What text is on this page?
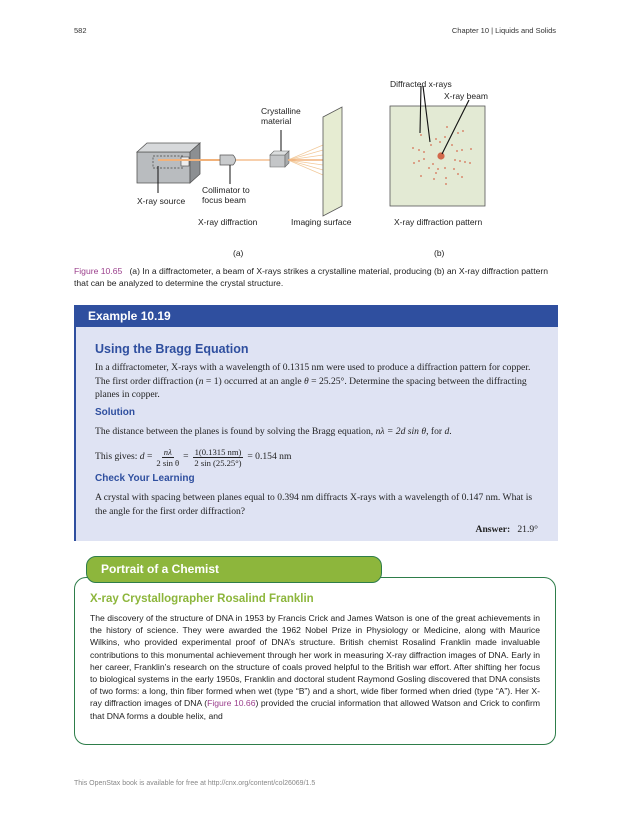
582	Chapter 10 | Liquids and Solids
Crystalline
material
Collimator to
focus beam
X-ray source
X-ray diffraction	Imaging surface
(a)
Diffracted x-rays
X-ray beam
X-ray diffraction pattern
(b)
Figure 10.65 (a) In a diffractometer, a beam of X-rays strikes a crystalline material, producing (b) an X-ray diffraction pattern that can be analyzed to determine the crystal structure.
Example 10.19
Using the Bragg Equation
In a diffractometer, X-rays with a wavelength of 0.1315 nm were used to produce a diffraction pattern for copper. The first order diffraction (n = 1) occurred at an angle θ = 25.25°. Determine the spacing between the diffracting planes in copper.
Solution
The distance between the planes is found by solving the Bragg equation, nλ = 2d sin θ, for d.
This gives:
d
= $\frac{n\lambda}{\text{2 sin θ}} = \frac{1(0.1315 nm)}{2 \sin (25.25^\circ)} = 0.154$ nm
Check Your Learning
A crystal with spacing between planes equal to 0.394 nm diffracts X-rays with a wavelength of 0.147 nm. What is the angle for the first order diffraction?
Answer: 21.9°
Portrait of a Chemist
X-ray Crystallographer Rosalind Franklin
The discovery of the structure of DNA in 1953 by Francis Crick and James Watson is one of the great achievements in the history of science. They were awarded the 1962 Nobel Prize in Physiology or Medicine, along with Maurice Wilkins, who provided experimental proof of DNA’s structure. British chemist Rosalind Franklin made invaluable contributions to this monumental achievement through her work in measuring X-ray diffraction images of DNA. Early in her career, Franklin’s research on the structure of coals proved helpful to the British war effort. After shifting her focus to biological systems in the early 1950s, Franklin and doctoral student Raymond Gosling discovered that DNA consists of two forms: a long, thin fiber formed when wet (type “B”) and a short, wide fiber formed when dried (type “A”). Her X-ray diffraction images of DNA (Figure 10.66) provided the crucial information that allowed Watson and Crick to confirm that DNA forms a double helix, and
This OpenStax book is available for free at http://cnx.org/content/col26069/1.5
